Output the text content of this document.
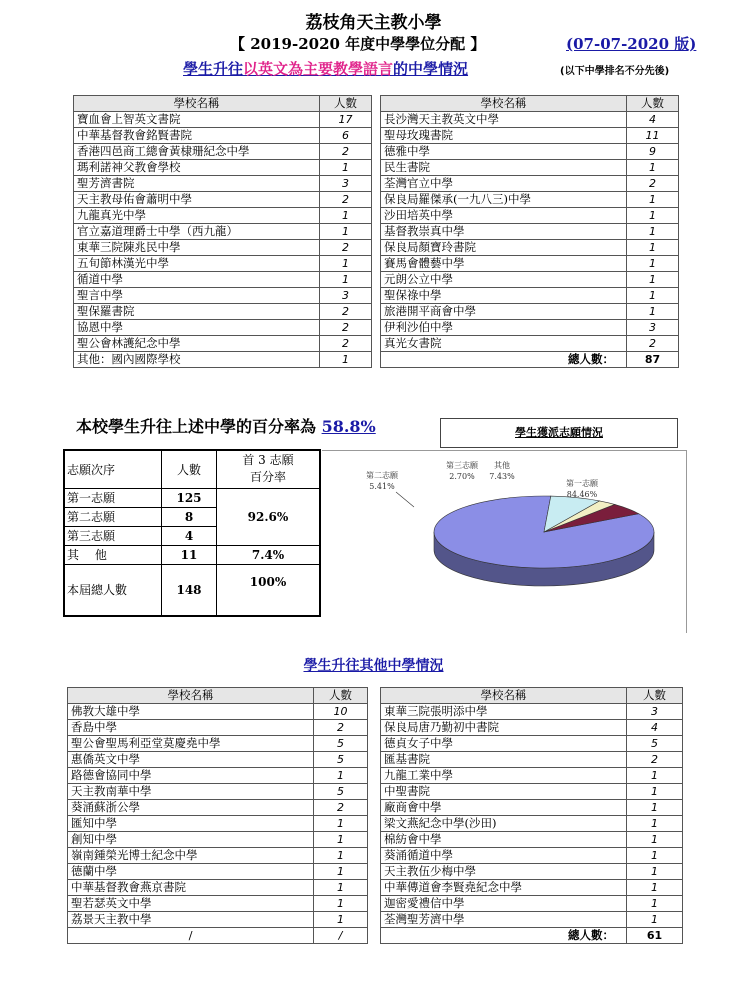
荔枝角天主教小學
【 2019-2020 年度中學學位分配 】	(07-07-2020 版)
學生升往以英文為主要教學語言的中學情況	(以下中學排名不分先後)
學校名稱	人數
寶血會上智英文書院	17
中華基督教會銘賢書院	6
香港四邑商工總會黃棣珊紀念中學	2
瑪利諾神父教會學校	1
聖芳濟書院	3
天主教母佑會蕭明中學	2
九龍真光中學	1
官立嘉道理爵士中學（西九龍）	1
東華三院陳兆民中學	2
五旬節林漢光中學	1
循道中學	1
聖言中學	3
聖保羅書院	2
協恩中學	2
聖公會林護紀念中學	2
其他：國內國際學校	1
學校名稱	人數
長沙灣天主教英文中學	4
聖母玫瑰書院	11
德雅中學	9
民生書院	1
荃灣官立中學	2
保良局羅傑承(一九八三)中學	1
沙田培英中學	1
基督教崇真中學	1
保良局顏寶玲書院	1
賽馬會體藝中學	1
元朗公立中學	1
聖保祿中學	1
旅港開平商會中學	1
伊利沙伯中學	3
真光女書院	2
總人數：	87
本校學生升往上述中學的百分率為 58.8%	學生獲派志願情況
志願次序	人數	首 3 志願
百分率
第一志願	125	92.6%
第二志願	8	
第三志願	4	
其　 他	11	7.4%
本屆總人數	148	100%
第一志願
84.46%
第二志願
5.41%
第三志願
2.70%
其他
7.43%
學生升往其他中學情況
學校名稱	人數
佛教大雄中學	10
香島中學	2
聖公會聖馬利亞堂莫慶堯中學	5
惠僑英文中學	5
路德會協同中學	1
天主教南華中學	5
葵涌蘇浙公學	2
匯知中學	1
創知中學	1
嶺南鍾榮光博士紀念中學	1
德蘭中學	1
中華基督教會燕京書院	1
聖若瑟英文中學	1
荔景天主教中學	1
/	/
學校名稱	人數
東華三院張明添中學	3
保良局唐乃勤初中書院	4
德貞女子中學	5
匯基書院	2
九龍工業中學	1
中聖書院	1
廠商會中學	1
梁文燕紀念中學(沙田)	1
棉紡會中學	1
葵涌循道中學	1
天主教伍少梅中學	1
中華傳道會李賢堯紀念中學	1
迦密愛禮信中學	1
荃灣聖芳濟中學	1
總人數：	61
